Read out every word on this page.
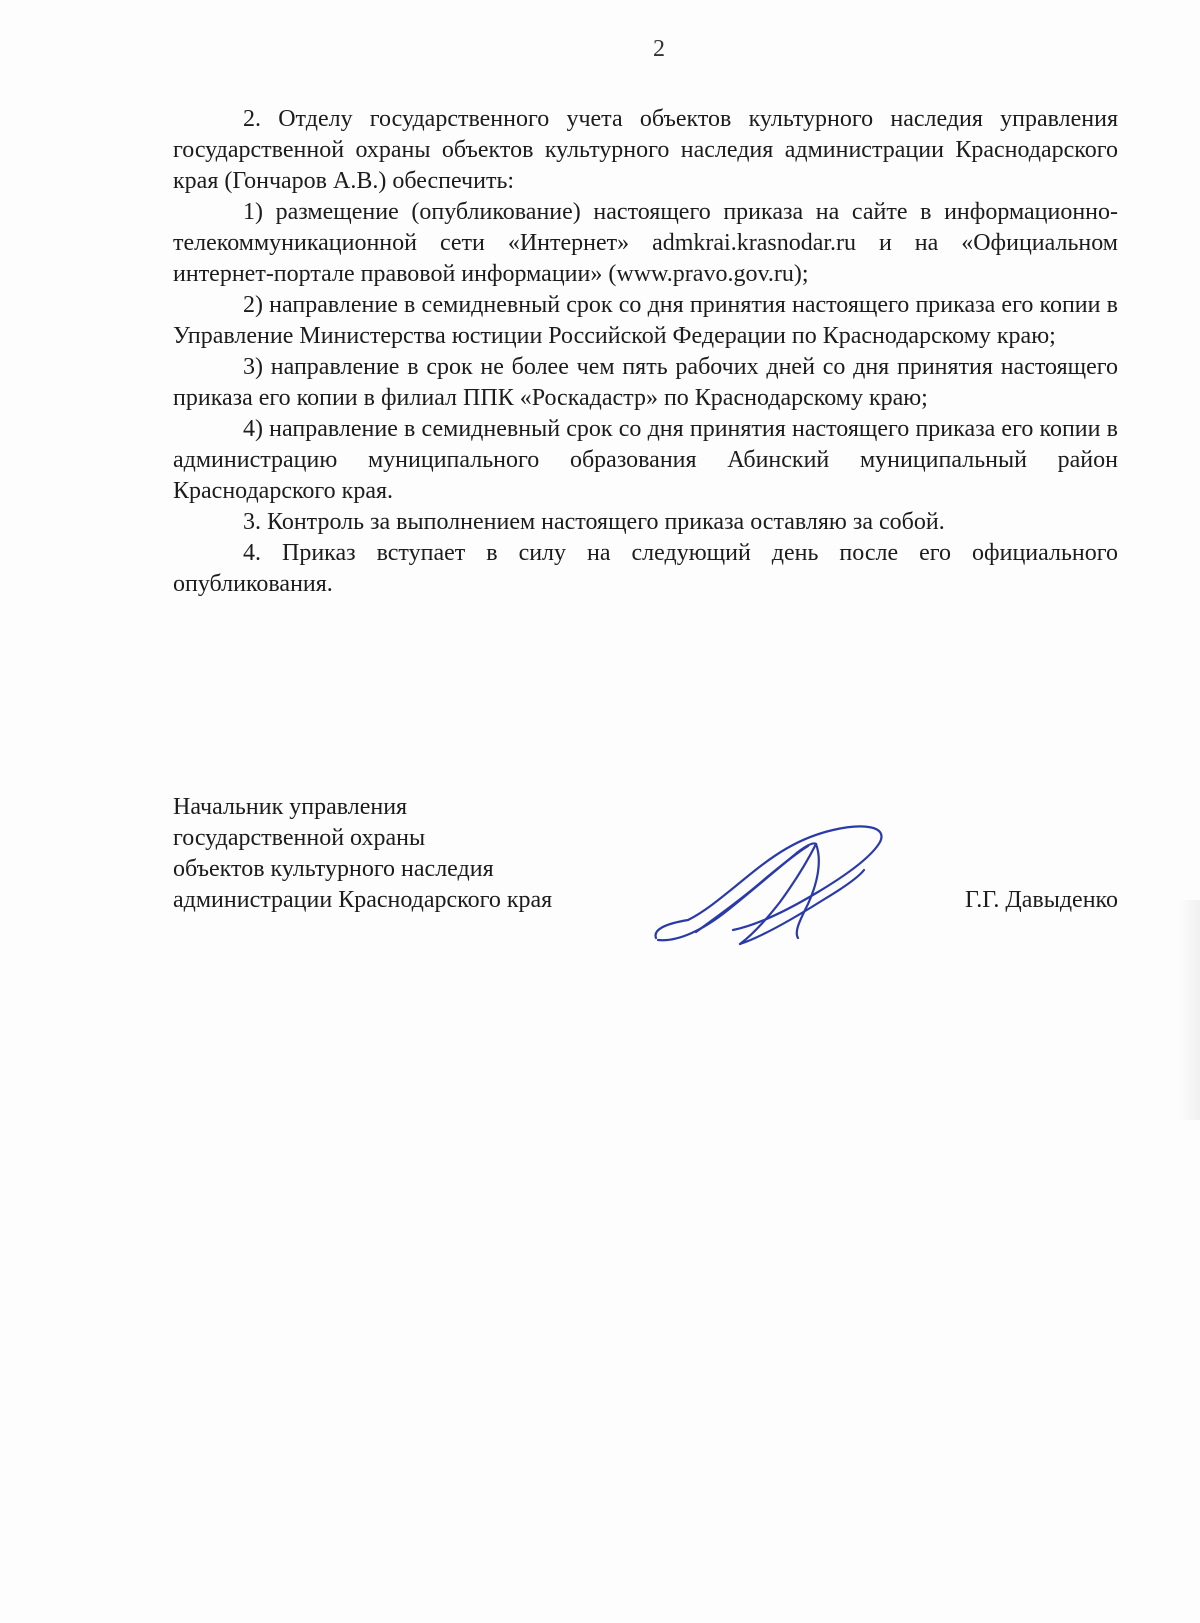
2

2. Отделу государственного учета объектов культурного наследия управления государственной охраны объектов культурного наследия администрации Краснодарского края (Гончаров А.В.) обеспечить:

1) размещение (опубликование) настоящего приказа на сайте в информационно-телекоммуникационной сети «Интернет» admkrai.krasnodar.ru и на «Официальном интернет-портале правовой информации» (www.pravo.gov.ru);

2) направление в семидневный срок со дня принятия настоящего приказа его копии в Управление Министерства юстиции Российской Федерации по Краснодарскому краю;

3) направление в срок не более чем пять рабочих дней со дня принятия настоящего приказа его копии в филиал ППК «Роскадастр» по Краснодарскому краю;

4) направление в семидневный срок со дня принятия настоящего приказа его копии в администрацию муниципального образования Абинский муниципальный район Краснодарского края.

3. Контроль за выполнением настоящего приказа оставляю за собой.

4. Приказ вступает в силу на следующий день после его официального опубликования.

Начальник управления
государственной охраны
объектов культурного наследия
администрации Краснодарского края	Г.Г. Давыденко
